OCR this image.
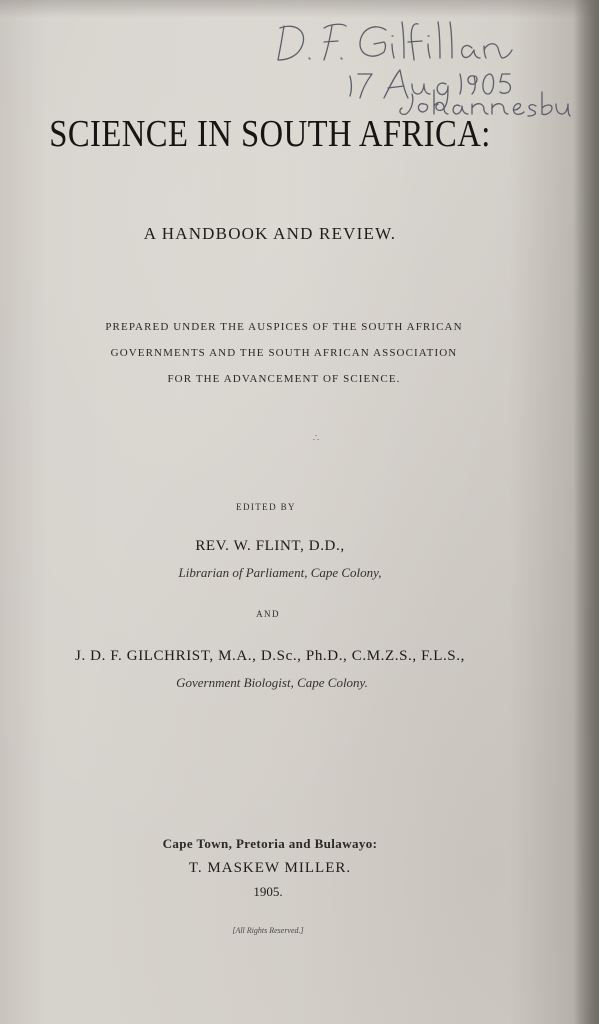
SCIENCE IN SOUTH AFRICA:
A HANDBOOK AND REVIEW.
PREPARED UNDER THE AUSPICES OF THE SOUTH AFRICAN
GOVERNMENTS AND THE SOUTH AFRICAN ASSOCIATION
FOR THE ADVANCEMENT OF SCIENCE.
∴
EDITED BY
REV. W. FLINT, D.D.,
Librarian of Parliament, Cape Colony,
AND
J. D. F. GILCHRIST, M.A., D.Sc., Ph.D., C.M.Z.S., F.L.S.,
Government Biologist, Cape Colony.
Cape Town, Pretoria and Bulawayo:
T. MASKEW MILLER.
1905.
[All Rights Reserved.]
